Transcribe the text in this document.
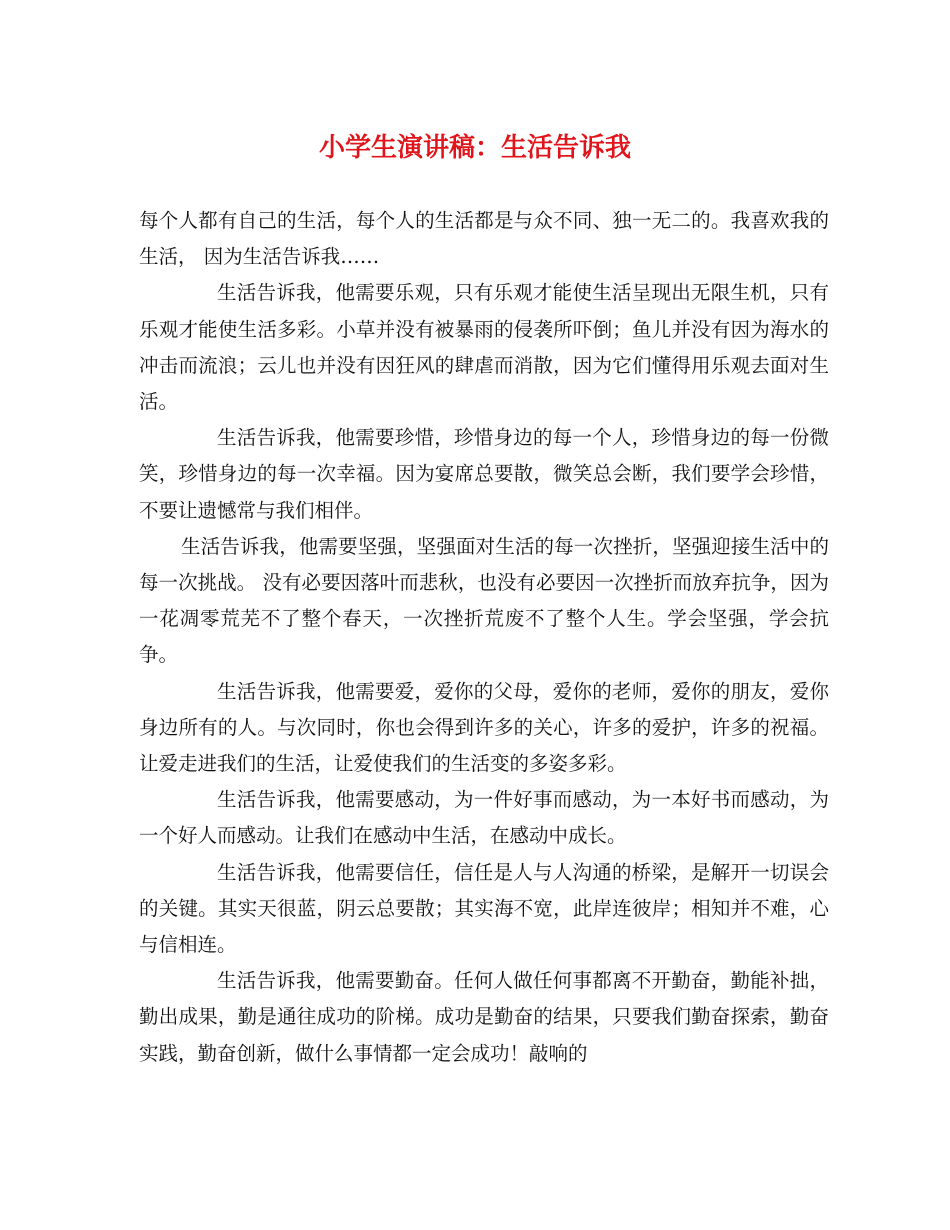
小学生演讲稿：生活告诉我

每个人都有自己的生活，每个人的生活都是与众不同、独一无二的。我喜欢我的生活， 因为生活告诉我……

生活告诉我，他需要乐观，只有乐观才能使生活呈现出无限生机，只有乐观才能使生活多彩。小草并没有被暴雨的侵袭所吓倒；鱼儿并没有因为海水的冲击而流浪；云儿也并没有因狂风的肆虐而消散，因为它们懂得用乐观去面对生活。

生活告诉我，他需要珍惜，珍惜身边的每一个人，珍惜身边的每一份微笑，珍惜身边的每一次幸福。因为宴席总要散，微笑总会断，我们要学会珍惜，不要让遗憾常与我们相伴。

生活告诉我，他需要坚强，坚强面对生活的每一次挫折，坚强迎接生活中的每一次挑战。 没有必要因落叶而悲秋，也没有必要因一次挫折而放弃抗争，因为一花凋零荒芜不了整个春天，一次挫折荒废不了整个人生。学会坚强，学会抗争。

生活告诉我，他需要爱，爱你的父母，爱你的老师，爱你的朋友，爱你身边所有的人。与次同时，你也会得到许多的关心，许多的爱护，许多的祝福。让爱走进我们的生活，让爱使我们的生活变的多姿多彩。

生活告诉我，他需要感动，为一件好事而感动，为一本好书而感动，为一个好人而感动。让我们在感动中生活，在感动中成长。

生活告诉我，他需要信任，信任是人与人沟通的桥梁，是解开一切误会的关键。其实天很蓝，阴云总要散；其实海不宽，此岸连彼岸；相知并不难，心与信相连。

生活告诉我，他需要勤奋。任何人做任何事都离不开勤奋，勤能补拙，勤出成果，勤是通往成功的阶梯。成功是勤奋的结果，只要我们勤奋探索，勤奋实践，勤奋创新，做什么事情都一定会成功！敲响的
